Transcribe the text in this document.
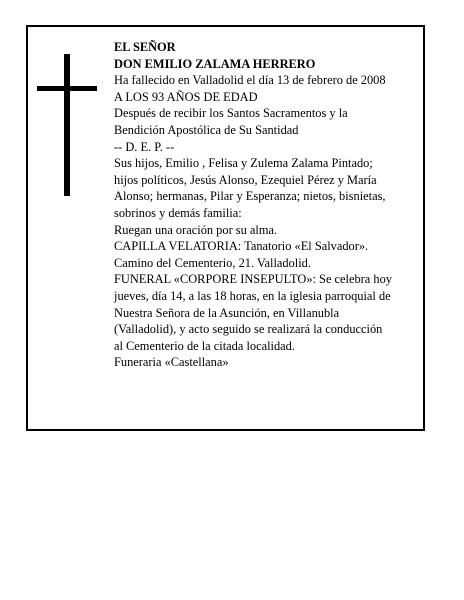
EL SEÑOR

DON EMILIO ZALAMA HERRERO

Ha fallecido en Valladolid el día 13 de febrero de 2008

A LOS 93 AÑOS DE EDAD

Después de recibir los Santos Sacramentos y la

Bendición Apostólica de Su Santidad

-- D. E. P. --

Sus hijos, Emilio , Felisa y Zulema Zalama Pintado;

hijos políticos, Jesús Alonso, Ezequiel Pérez y María

Alonso; hermanas, Pilar y Esperanza; nietos, bisnietas,

sobrinos y demás familia:

Ruegan una oración por su alma.

CAPILLA VELATORIA: Tanatorio «El Salvador».

Camino del Cementerio, 21. Valladolid.

FUNERAL «CORPORE INSEPULTO»: Se celebra hoy

jueves, día 14, a las 18 horas, en la iglesia parroquial de

Nuestra Señora de la Asunción, en Villanubla

(Valladolid), y acto seguido se realizará la conducción

al Cementerio de la citada localidad.

Funeraria «Castellana»
